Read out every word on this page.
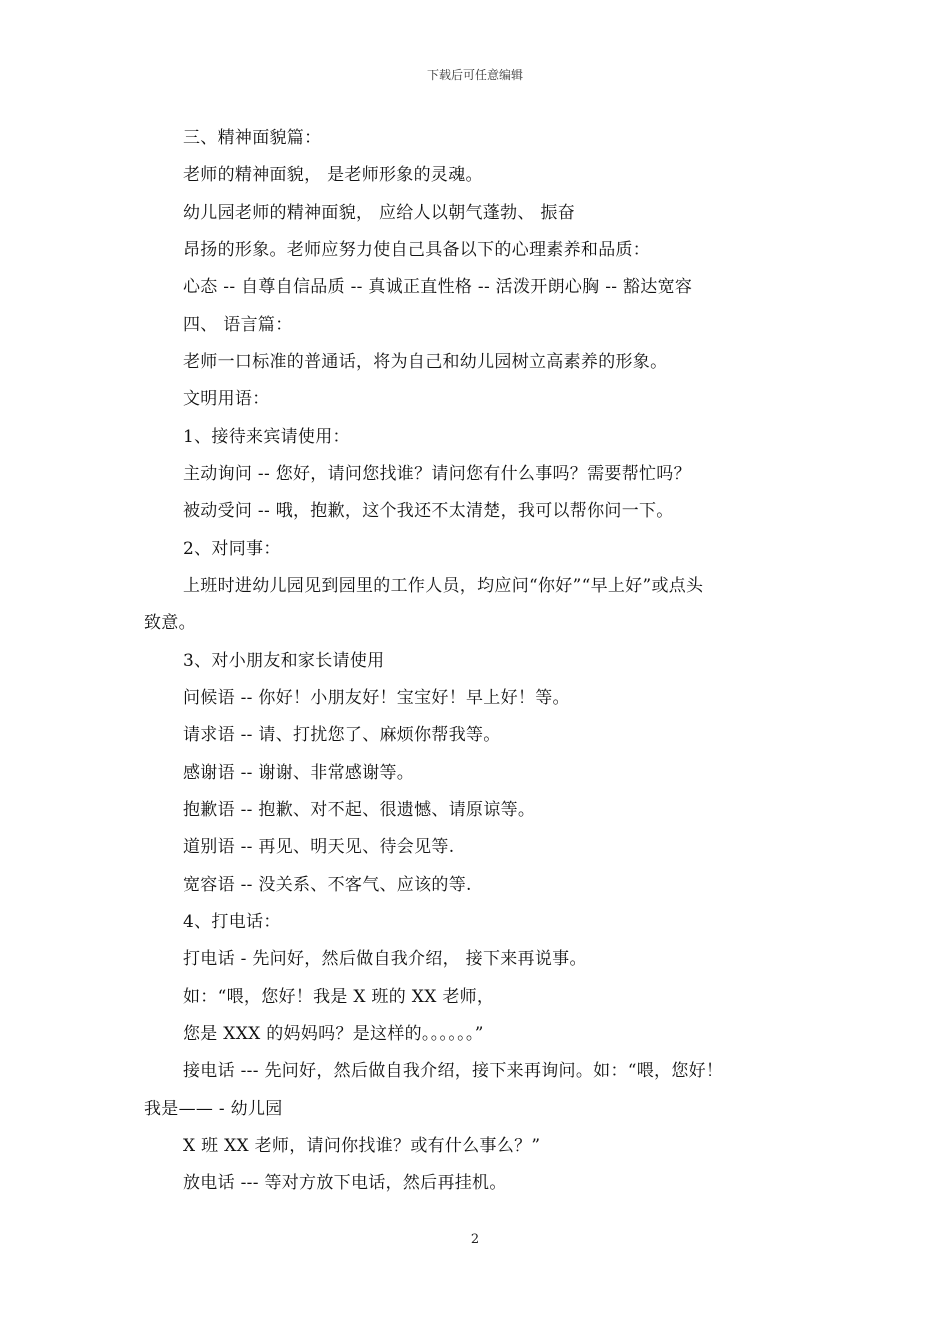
下载后可任意编辑
三、精神面貌篇：
老师的精神面貌， 是老师形象的灵魂。
幼儿园老师的精神面貌， 应给人以朝气蓬勃、 振奋
昂扬的形象。老师应努力使自己具备以下的心理素养和品质：
心态 -- 自尊自信品质 -- 真诚正直性格 -- 活泼开朗心胸 -- 豁达宽容
四、 语言篇：
老师一口标准的普通话，将为自己和幼儿园树立高素养的形象。
文明用语：
1、接待来宾请使用：
主动询问 -- 您好，请问您找谁？请问您有什么事吗？需要帮忙吗？
被动受问 -- 哦，抱歉，这个我还不太清楚，我可以帮你问一下。
2、对同事：
上班时进幼儿园见到园里的工作人员，均应问“你好”“早上好”或点头
致意。
3、对小朋友和家长请使用
问候语 -- 你好！小朋友好！宝宝好！早上好！等。
请求语 -- 请、打扰您了、麻烦你帮我等。
感谢语 -- 谢谢、非常感谢等。
抱歉语 -- 抱歉、对不起、很遗憾、请原谅等。
道别语 -- 再见、明天见、待会见等.
宽容语 -- 没关系、不客气、应该的等.
4、打电话：
打电话 - 先问好，然后做自我介绍， 接下来再说事。
如：“喂，您好！我是 X 班的 XX 老师，
您是 XXX 的妈妈吗？是这样的。。。。。。”
接电话 --- 先问好，然后做自我介绍，接下来再询问。如：“喂，您好！
我是—— - 幼儿园
X 班 XX 老师，请问你找谁？或有什么事么？”
放电话 --- 等对方放下电话，然后再挂机。
2
